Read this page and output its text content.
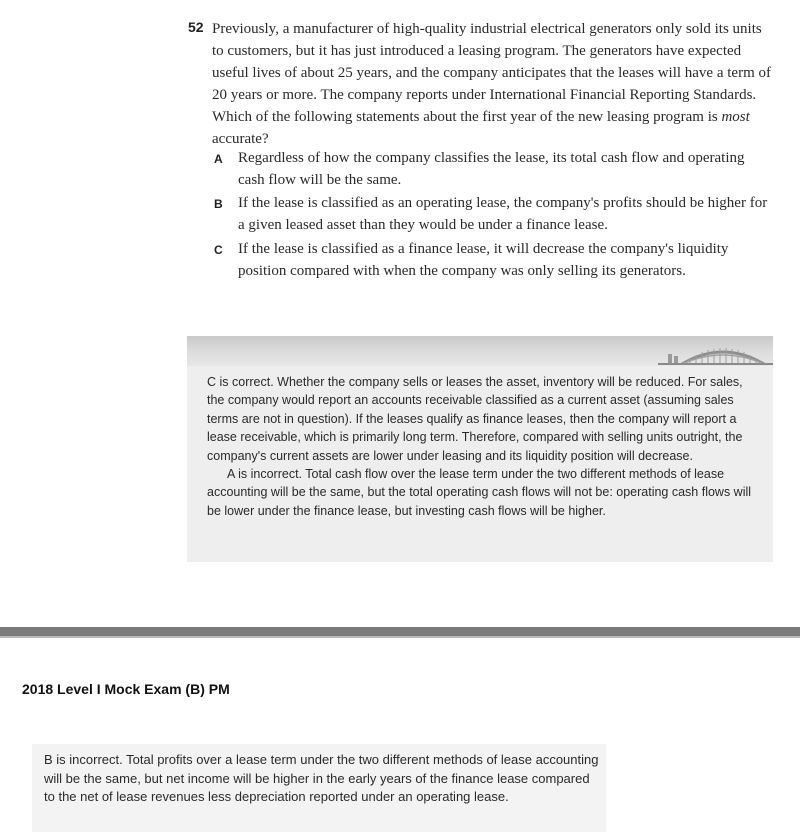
52 Previously, a manufacturer of high-quality industrial electrical generators only sold its units to customers, but it has just introduced a leasing program. The generators have expected useful lives of about 25 years, and the company anticipates that the leases will have a term of 20 years or more. The company reports under International Financial Reporting Standards. Which of the following statements about the first year of the new leasing program is most accurate?

A Regardless of how the company classifies the lease, its total cash flow and operating cash flow will be the same.

B If the lease is classified as an operating lease, the company's profits should be higher for a given leased asset than they would be under a finance lease.

C If the lease is classified as a finance lease, it will decrease the company's liquidity position compared with when the company was only selling its generators.

C is correct. Whether the company sells or leases the asset, inventory will be reduced. For sales, the company would report an accounts receivable classified as a current asset (assuming sales terms are not in question). If the leases qualify as finance leases, then the company will report a lease receivable, which is primarily long term. Therefore, compared with selling units outright, the company's current assets are lower under leasing and its liquidity position will decrease.
A is incorrect. Total cash flow over the lease term under the two different methods of lease accounting will be the same, but the total operating cash flows will not be: operating cash flows will be lower under the finance lease, but investing cash flows will be higher.

2018 Level I Mock Exam (B) PM

B is incorrect. Total profits over a lease term under the two different methods of lease accounting will be the same, but net income will be higher in the early years of the finance lease compared to the net of lease revenues less depreciation reported under an operating lease.
